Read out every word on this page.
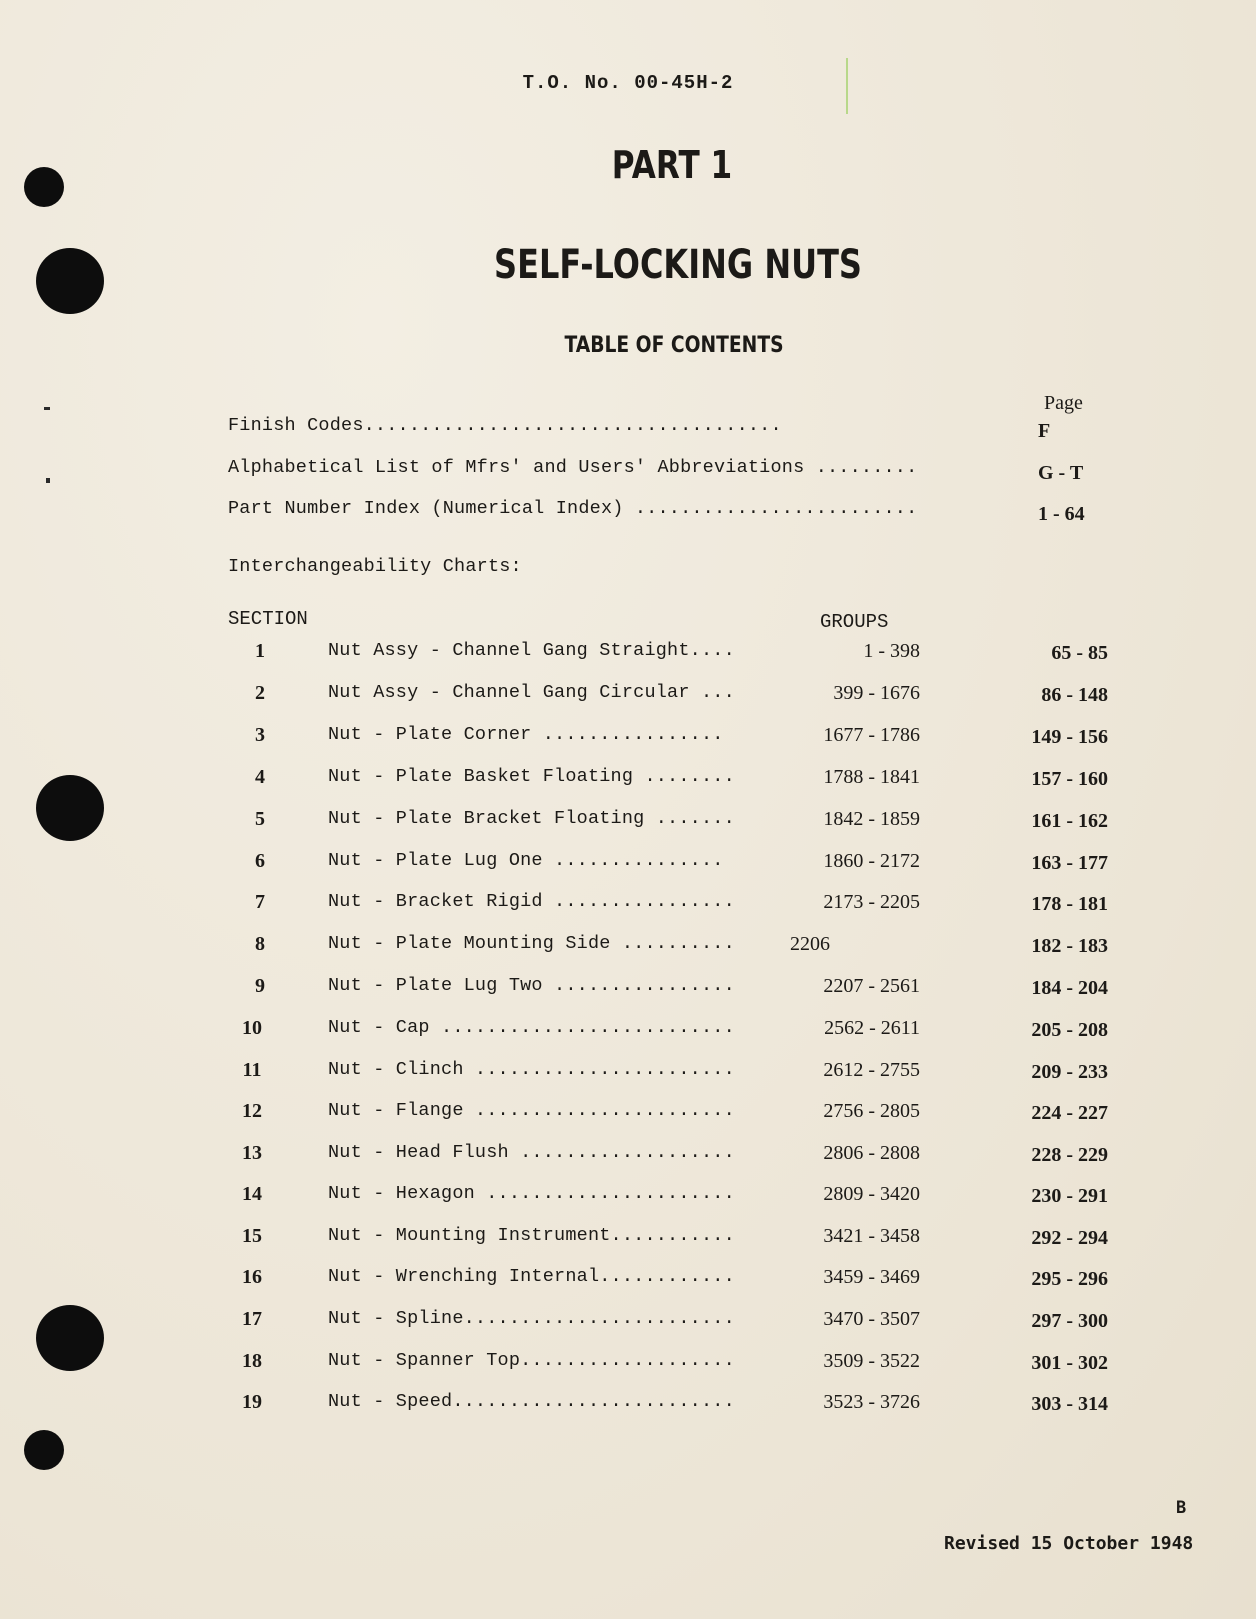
T.O. No. 00-45H-2
PART 1
SELF-LOCKING NUTS
TABLE OF CONTENTS
Page
Finish Codes.....................................	F
Alphabetical List of Mfrs' and Users' Abbreviations .........	G - T
Part Number Index (Numerical Index) .........................	1 - 64
Interchangeability Charts:
SECTION	GROUPS
1	Nut Assy - Channel Gang Straight....	1 - 398	65 - 85
2	Nut Assy - Channel Gang Circular ...	399 - 1676	86 - 148
3	Nut - Plate Corner ................	1677 - 1786	149 - 156
4	Nut - Plate Basket Floating ........	1788 - 1841	157 - 160
5	Nut - Plate Bracket Floating .......	1842 - 1859	161 - 162
6	Nut - Plate Lug One ...............	1860 - 2172	163 - 177
7	Nut - Bracket Rigid ................	2173 - 2205	178 - 181
8	Nut - Plate Mounting Side ..........	2206	182 - 183
9	Nut - Plate Lug Two ................	2207 - 2561	184 - 204
10	Nut - Cap ..........................	2562 - 2611	205 - 208
11	Nut - Clinch .......................	2612 - 2755	209 - 233
12	Nut - Flange .......................	2756 - 2805	224 - 227
13	Nut - Head Flush ...................	2806 - 2808	228 - 229
14	Nut - Hexagon ......................	2809 - 3420	230 - 291
15	Nut - Mounting Instrument...........	3421 - 3458	292 - 294
16	Nut - Wrenching Internal............	3459 - 3469	295 - 296
17	Nut - Spline........................	3470 - 3507	297 - 300
18	Nut - Spanner Top...................	3509 - 3522	301 - 302
19	Nut - Speed.........................	3523 - 3726	303 - 314
B
Revised 15 October 1948
